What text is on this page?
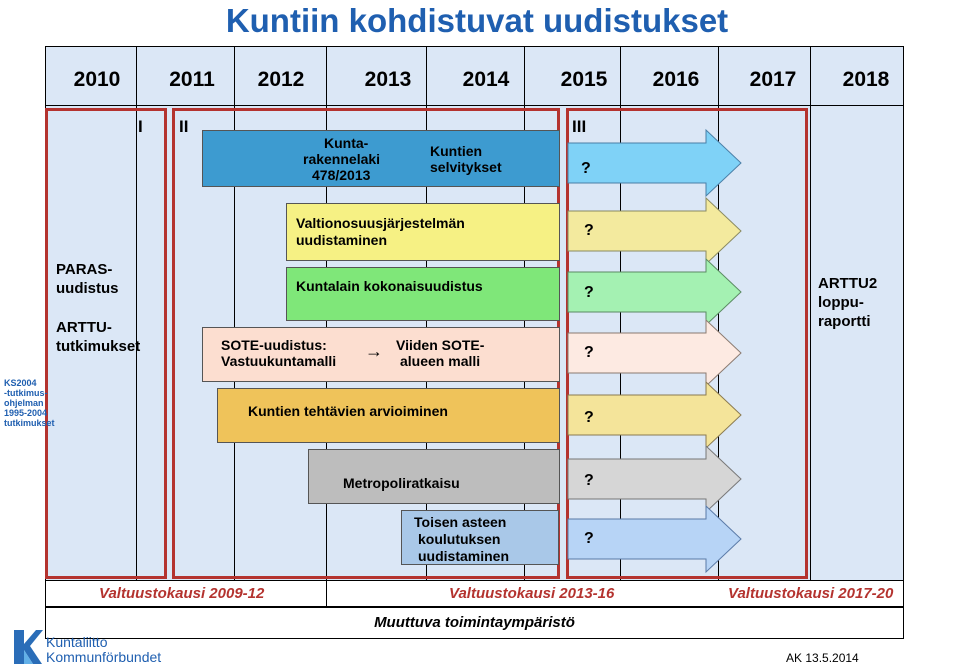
Kuntiin kohdistuvat uudistukset
2010	2011	2012	2013	2014	2015	2016	2017	2018
I II	III
PARAS-
uudistus
ARTTU-
tutkimukset
ARTTU2
loppu-
raportti
KS2004
-tutkimus-
ohjelman
1995-2004
tutkimukset
Kunta-
rakennelaki
478/2013
Kuntien
selvitykset
Valtionosuusjärjestelmän
uudistaminen
Kuntalain kokonaisuudistus
SOTE-uudistus:
Vastuukuntamalli → Viiden SOTE-
alueen malli
Kuntien tehtävien arvioiminen
Metropoliratkaisu
Toisen asteen
koulutuksen
uudistaminen
?
?
?
?
?
?
?
Valtuustokausi 2009-12	Valtuustokausi 2013-16	Valtuustokausi 2017-20
Muuttuva toimintaympäristö
Kuntaliitto
Kommunförbundet	AK 13.5.2014
